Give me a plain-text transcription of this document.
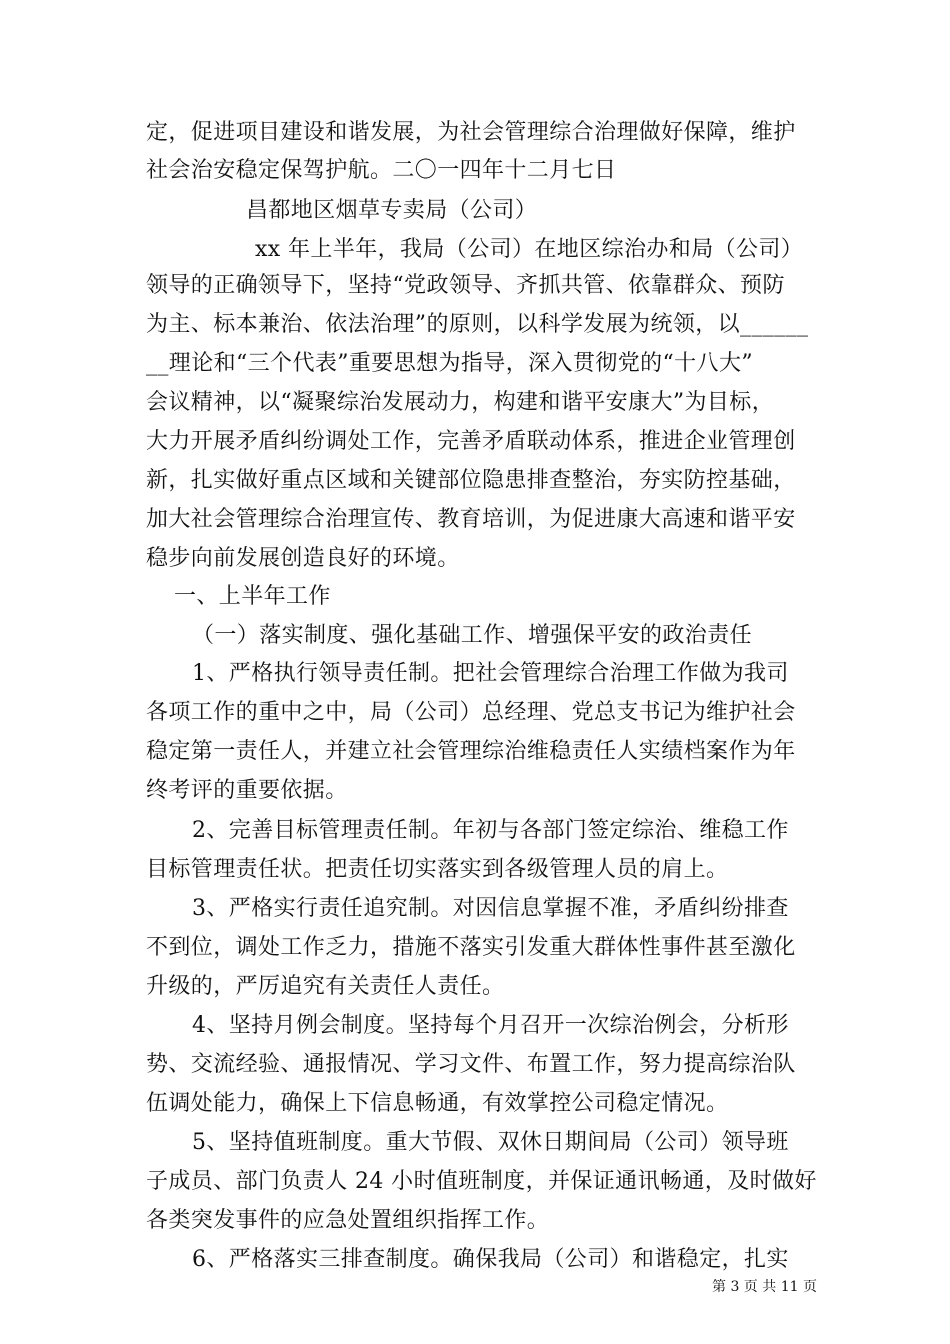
定，促进项目建设和谐发展，为社会管理综合治理做好保障，维护
社会治安稳定保驾护航。二〇一四年十二月七日
昌都地区烟草专卖局（公司）
xx 年上半年，我局（公司）在地区综治办和局（公司）
领导的正确领导下，坚持“党政领导、齐抓共管、依靠群众、预防
为主、标本兼治、依法治理”的原则，以科学发展为统领，以______
__理论和“三个代表”重要思想为指导，深入贯彻党的“十八大”
会议精神，以“凝聚综治发展动力，构建和谐平安康大”为目标，
大力开展矛盾纠纷调处工作，完善矛盾联动体系，推进企业管理创
新，扎实做好重点区域和关键部位隐患排查整治，夯实防控基础，
加大社会管理综合治理宣传、教育培训，为促进康大高速和谐平安
稳步向前发展创造良好的环境。
一、上半年工作
（一）落实制度、强化基础工作、增强保平安的政治责任
1、严格执行领导责任制。把社会管理综合治理工作做为我司
各项工作的重中之中，局（公司）总经理、党总支书记为维护社会
稳定第一责任人，并建立社会管理综治维稳责任人实绩档案作为年
终考评的重要依据。
2、完善目标管理责任制。年初与各部门签定综治、维稳工作
目标管理责任状。把责任切实落实到各级管理人员的肩上。
3、严格实行责任追究制。对因信息掌握不准，矛盾纠纷排查
不到位，调处工作乏力，措施不落实引发重大群体性事件甚至激化
升级的，严厉追究有关责任人责任。
4、坚持月例会制度。坚持每个月召开一次综治例会，分析形
势、交流经验、通报情况、学习文件、布置工作，努力提高综治队
伍调处能力，确保上下信息畅通，有效掌控公司稳定情况。
5、坚持值班制度。重大节假、双休日期间局（公司）领导班
子成员、部门负责人 24 小时值班制度，并保证通讯畅通，及时做好
各类突发事件的应急处置组织指挥工作。
6、严格落实三排查制度。确保我局（公司）和谐稳定，扎实
第 3 页 共 11 页
